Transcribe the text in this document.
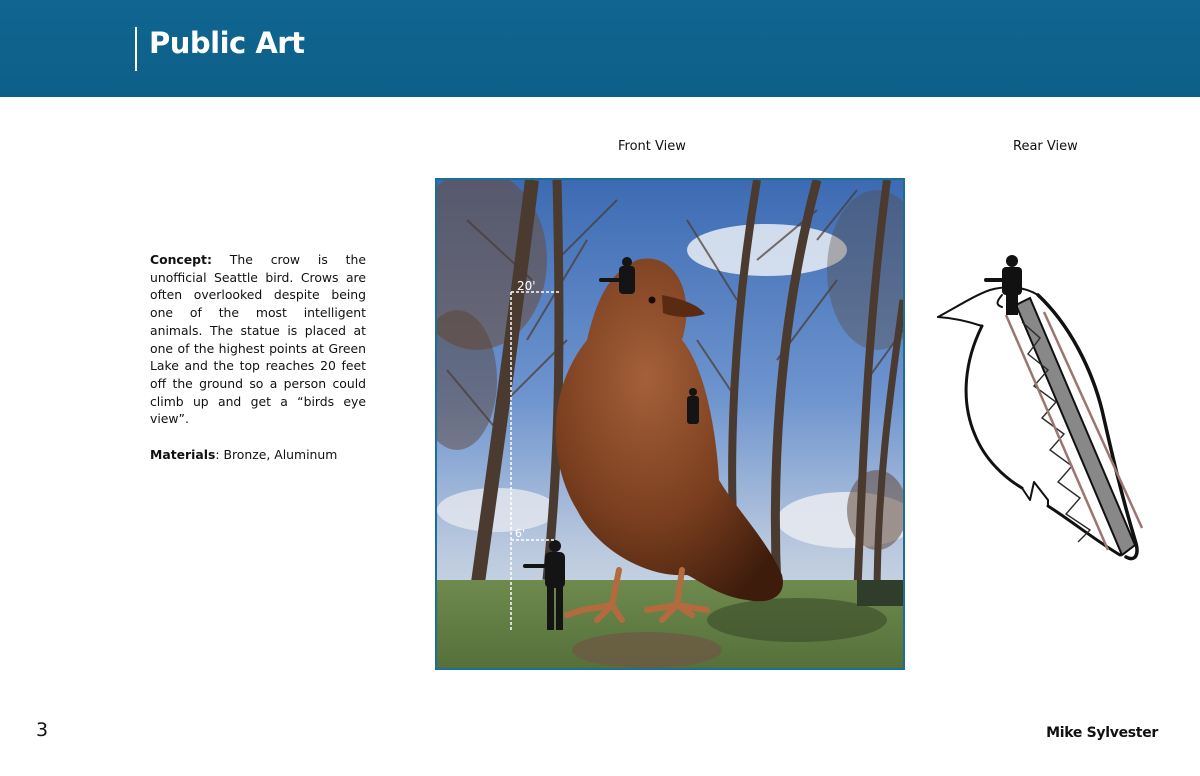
Public Art
Front View	Rear View

Concept: The crow is the unofficial Seattle bird. Crows are often overlooked despite being one of the most intelligent animals. The statue is placed at one of the highest points at Green Lake and the top reaches 20 feet off the ground so a person could climb up and get a “birds eye view”.

Materials: Bronze, Aluminum

20'
6'
3	Mike Sylvester
